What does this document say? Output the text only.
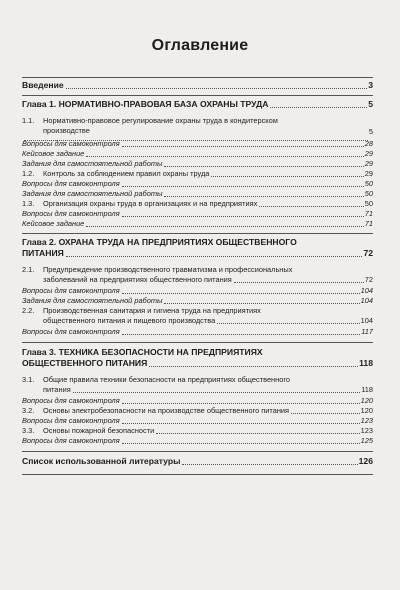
Оглавление
Введение	3
Глава 1. НОРМАТИВНО-ПРАВОВАЯ БАЗА ОХРАНЫ ТРУДА	5
1.1. Нормативно-правовое регулирование охраны труда в кондитерском
производстве	5
Вопросы для самоконтроля	28
Кейсовое задание	29
Задания для самостоятельной работы	29
1.2.	Контроль за соблюдением правил охраны труда	29
Вопросы для самоконтроля	50
Задания для самостоятельной работы	50
1.3.	Организация охраны труда в организациях и на предприятиях	50
Вопросы для самоконтроля	71
Кейсовое задание	71
Глава 2. ОХРАНА ТРУДА НА ПРЕДПРИЯТИЯХ ОБЩЕСТВЕННОГО
ПИТАНИЯ	72
2.1. Предупреждение производственного травматизма и профессиональных
заболеваний на предприятиях общественного питания	72
Вопросы для самоконтроля	104
Задания для самостоятельной работы	104
2.2. Производственная санитария и гигиена труда на предприятиях
общественного питания и пищевого производства	104
Вопросы для самоконтроля	117
Глава 3. ТЕХНИКА БЕЗОПАСНОСТИ НА ПРЕДПРИЯТИЯХ
ОБЩЕСТВЕННОГО ПИТАНИЯ	118
3.1. Общие правила техники безопасности на предприятиях общественного
питания	118
Вопросы для самоконтроля	120
3.2.	Основы электробезопасности на производстве общественного питания	120
Вопросы для самоконтроля	123
3.3.	Основы пожарной безопасности	123
Вопросы для самоконтроля	125
Список использованной литературы	126
